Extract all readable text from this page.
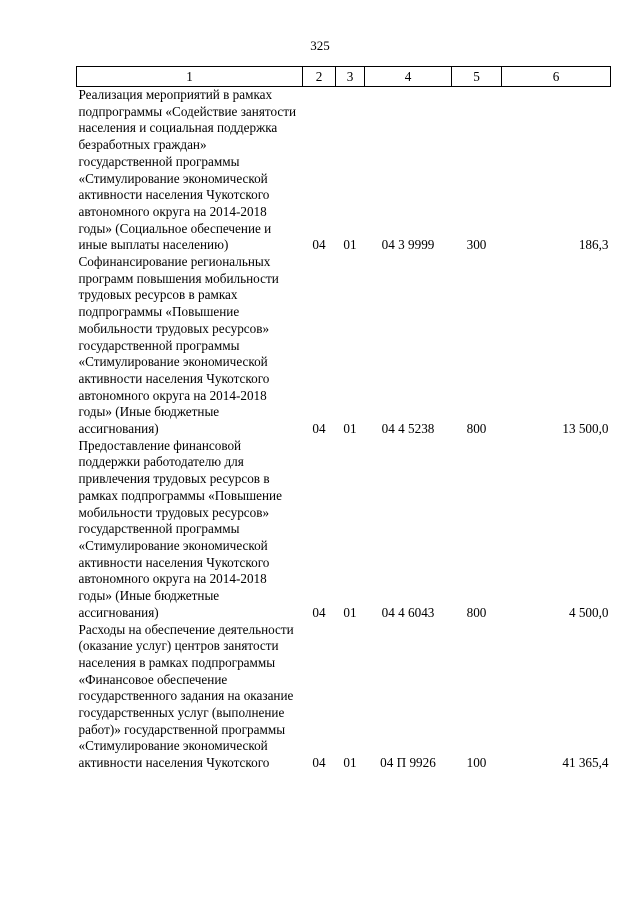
325
1	2	3	4	5	6
Реализация мероприятий в рамках подпрограммы «Содействие занятости населения и социальная поддержка безработных граждан» государственной программы «Стимулирование экономической активности населения Чукотского автономного округа на 2014-2018 годы» (Социальное обеспечение и иные выплаты населению)	04	01	04 3 9999	300	186,3
Софинансирование региональных программ повышения мобильности трудовых ресурсов в рамках подпрограммы «Повышение мобильности трудовых ресурсов» государственной программы «Стимулирование экономической активности населения Чукотского автономного округа на 2014-2018 годы» (Иные бюджетные ассигнования)	04	01	04 4 5238	800	13 500,0
Предоставление финансовой поддержки работодателю для привлечения трудовых ресурсов в рамках подпрограммы «Повышение мобильности трудовых ресурсов» государственной программы «Стимулирование экономической активности населения Чукотского автономного округа на 2014-2018 годы» (Иные бюджетные ассигнования)	04	01	04 4 6043	800	4 500,0
Расходы на обеспечение деятельности (оказание услуг) центров занятости населения в рамках подпрограммы «Финансовое обеспечение государственного задания на оказание государственных услуг (выполнение работ)» государственной программы «Стимулирование экономической активности населения Чукотского	04	01	04 П 9926	100	41 365,4
